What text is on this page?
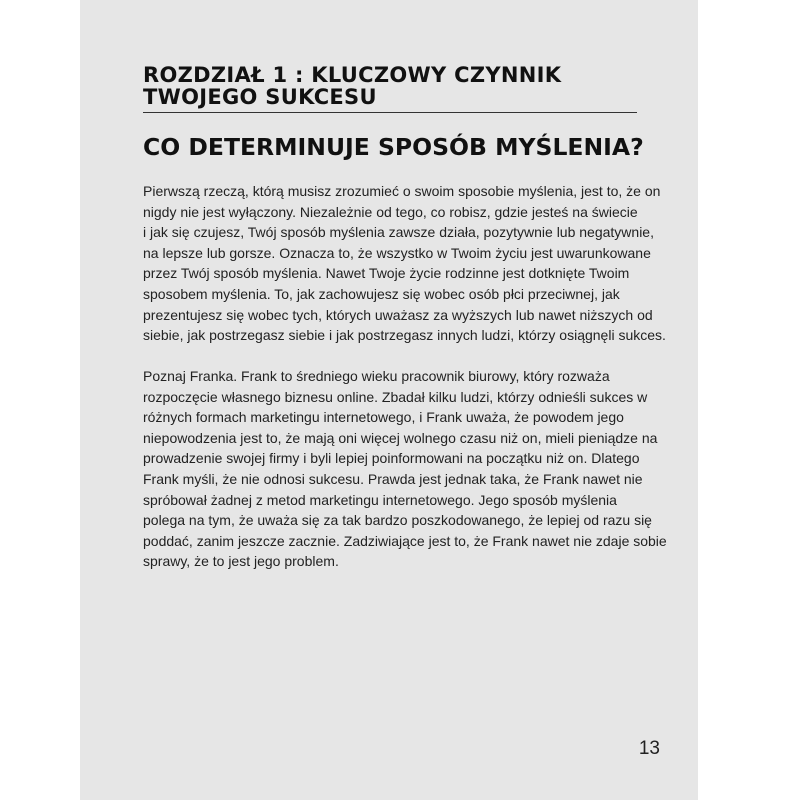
ROZDZIAŁ 1 : KLUCZOWY CZYNNIK
TWOJEGO SUKCESU
CO DETERMINUJE SPOSÓB MYŚLENIA?
Pierwszą rzeczą, którą musisz zrozumieć o swoim sposobie myślenia, jest to, że on
nigdy nie jest wyłączony. Niezależnie od tego, co robisz, gdzie jesteś na świecie
i jak się czujesz, Twój sposób myślenia zawsze działa, pozytywnie lub negatywnie,
na lepsze lub gorsze. Oznacza to, że wszystko w Twoim życiu jest uwarunkowane
przez Twój sposób myślenia. Nawet Twoje życie rodzinne jest dotknięte Twoim
sposobem myślenia. To, jak zachowujesz się wobec osób płci przeciwnej, jak
prezentujesz się wobec tych, których uważasz za wyższych lub nawet niższych od
siebie, jak postrzegasz siebie i jak postrzegasz innych ludzi, którzy osiągnęli sukces.
Poznaj Franka. Frank to średniego wieku pracownik biurowy, który rozważa
rozpoczęcie własnego biznesu online. Zbadał kilku ludzi, którzy odnieśli sukces w
różnych formach marketingu internetowego, i Frank uważa, że powodem jego
niepowodzenia jest to, że mają oni więcej wolnego czasu niż on, mieli pieniądze na
prowadzenie swojej firmy i byli lepiej poinformowani na początku niż on. Dlatego
Frank myśli, że nie odnosi sukcesu. Prawda jest jednak taka, że Frank nawet nie
spróbował żadnej z metod marketingu internetowego. Jego sposób myślenia
polega na tym, że uważa się za tak bardzo poszkodowanego, że lepiej od razu się
poddać, zanim jeszcze zacznie. Zadziwiające jest to, że Frank nawet nie zdaje sobie
sprawy, że to jest jego problem.
13
